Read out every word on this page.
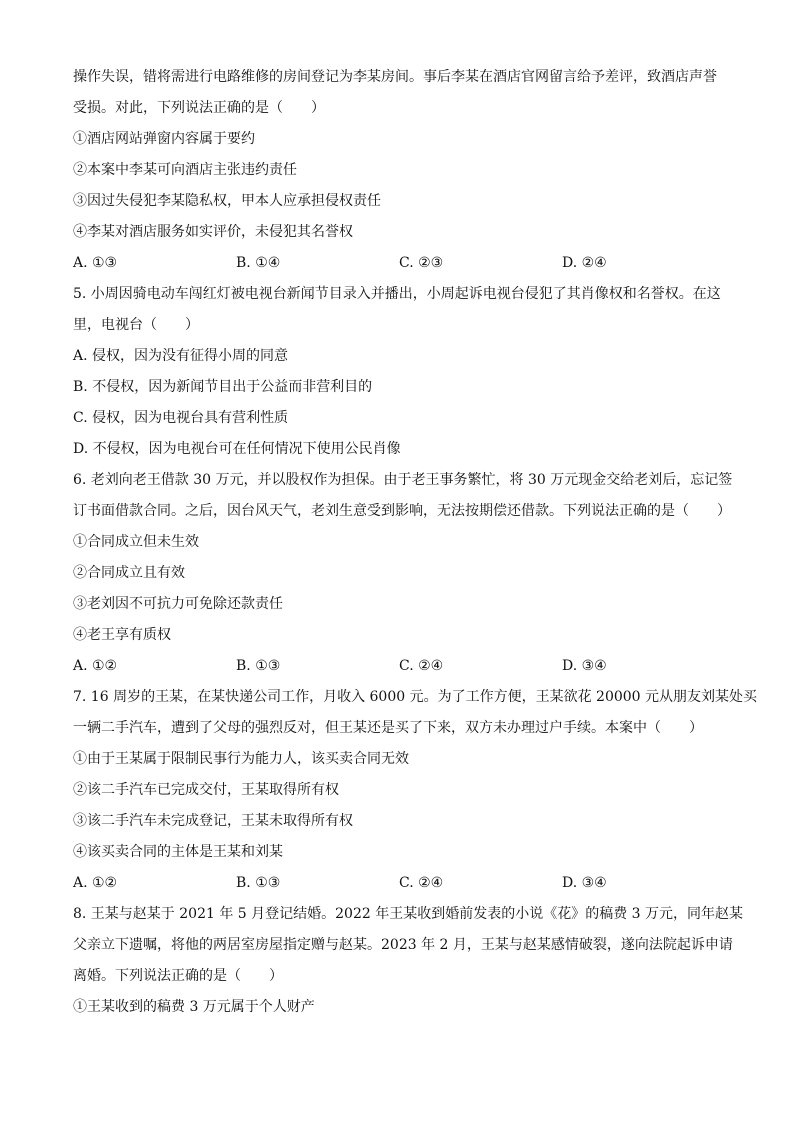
操作失误，错将需进行电路维修的房间登记为李某房间。事后李某在酒店官网留言给予差评，致酒店声誉
受损。对此，下列说法正确的是（　　）
①酒店网站弹窗内容属于要约
②本案中李某可向酒店主张违约责任
③因过失侵犯李某隐私权，甲本人应承担侵权责任
④李某对酒店服务如实评价，未侵犯其名誉权
A. ①③	B. ①④	C. ②③	D. ②④
5. 小周因骑电动车闯红灯被电视台新闻节目录入并播出，小周起诉电视台侵犯了其肖像权和名誉权。在这
里，电视台（　　）
A. 侵权，因为没有征得小周的同意
B. 不侵权，因为新闻节目出于公益而非营利目的
C. 侵权，因为电视台具有营利性质
D. 不侵权，因为电视台可在任何情况下使用公民肖像
6. 老刘向老王借款 30 万元，并以股权作为担保。由于老王事务繁忙，将 30 万元现金交给老刘后，忘记签
订书面借款合同。之后，因台风天气，老刘生意受到影响，无法按期偿还借款。下列说法正确的是（　　）
①合同成立但未生效
②合同成立且有效
③老刘因不可抗力可免除还款责任
④老王享有质权
A. ①②	B. ①③	C. ②④	D. ③④
7. 16 周岁的王某，在某快递公司工作，月收入 6000 元。为了工作方便，王某欲花 20000 元从朋友刘某处买
一辆二手汽车，遭到了父母的强烈反对，但王某还是买了下来，双方未办理过户手续。本案中（　　）
①由于王某属于限制民事行为能力人，该买卖合同无效
②该二手汽车已完成交付，王某取得所有权
③该二手汽车未完成登记，王某未取得所有权
④该买卖合同的主体是王某和刘某
A. ①②	B. ①③	C. ②④	D. ③④
8. 王某与赵某于 2021 年 5 月登记结婚。2022 年王某收到婚前发表的小说《花》的稿费 3 万元，同年赵某
父亲立下遗嘱，将他的两居室房屋指定赠与赵某。2023 年 2 月，王某与赵某感情破裂，遂向法院起诉申请
离婚。下列说法正确的是（　　）
①王某收到的稿费 3 万元属于个人财产
